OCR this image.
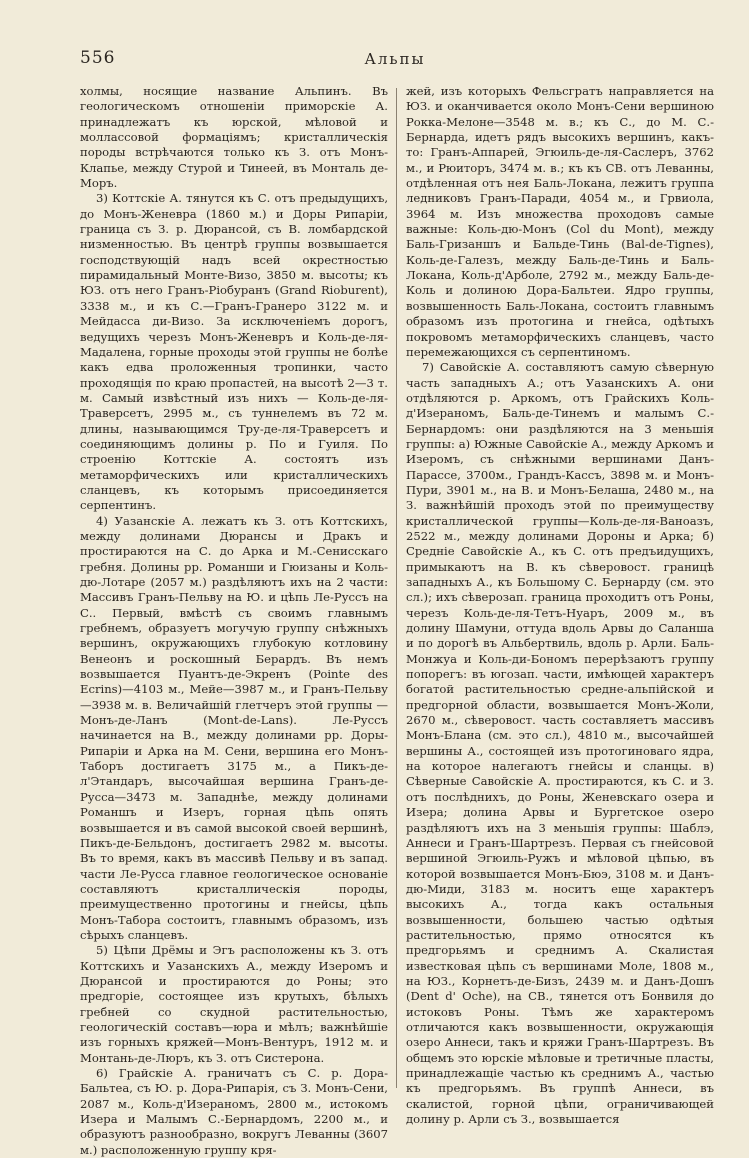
556	Альпы

холмы, носящие название Альпинъ. Въ геологическомъ отношеніи приморскіе А. принадлежатъ къ юрской, мѣловой и моллассовой формаціямъ; кристаллическія породы встрѣчаются только къ З. отъ Монъ-Клапье, между Стурой и Тинеей, въ Монталь де-Моръ.

3) Коттскіе А. тянутся къ С. отъ предыдущихъ, до Монъ-Женевра (1860 м.) и Доры Рипаріи, граница съ З. р. Дюрансой, съ В. ломбардской низменностью. Въ центрѣ группы возвышается господствующій надъ всей окрестностью пирамидальный Монте-Визо, 3850 м. высоты; къ ЮЗ. отъ него Гранъ-Ріобуранъ (Grand Rioburent), 3338 м., и къ С.—Гранъ-Гранеро 3122 м. и Мейдасса ди-Визо. За исключеніемъ дорогъ, ведущихъ черезъ Монъ-Женевръ и Коль-де-ля-Мадалена, горные проходы этой группы не болѣе какъ едва проложенныя тропинки, часто проходящія по краю пропастей, на высотѣ 2—3 т. м. Самый извѣстный изъ нихъ — Коль-де-ля-Траверсетъ, 2995 м., съ туннелемъ въ 72 м. длины, называющимся Тру-де-ля-Траверсетъ и соединяющимъ долины р. По и Гуиля. По строенію Коттскіе А. состоятъ изъ метаморфическихъ или кристаллическихъ сланцевъ, къ которымъ присоединяется серпентинъ.

4) Уазанскіе А. лежатъ къ З. отъ Коттскихъ, между долинами Дюрансы и Дракъ и простираются на С. до Арка и М.-Сенисскаго гребня. Долины рр. Романши и Гюизаны и Коль-дю-Лотаре (2057 м.) раздѣляютъ ихъ на 2 части: Массивъ Гранъ-Пельву на Ю. и цѣпь Ле-Руссъ на С.. Первый, вмѣстѣ съ своимъ главнымъ гребнемъ, образуетъ могучую группу снѣжныхъ вершинъ, окружающихъ глубокую котловину Венеонъ и роскошный Берардъ. Въ немъ возвышается Пуантъ-де-Экренъ (Pointe des Ecrins)—4103 м., Мейе—3987 м., и Гранъ-Пельву—3938 м. в. Величайшій глетчеръ этой группы — Монъ-де-Ланъ (Mont-de-Lans). Ле-Руссъ начинается на В., между долинами рр. Доры-Рипаріи и Арка на М. Сени, вершина его Монъ-Таборъ достигаетъ 3175 м., а Пикъ-де-л'Этандаръ, высочайшая вершина Гранъ-де-Русса—3473 м. Западнѣе, между долинами Романшъ и Изеръ, горная цѣпь опять возвышается и въ самой высокой своей вершинѣ, Пикъ-де-Бельдонъ, достигаетъ 2982 м. высоты. Въ то время, какъ въ массивѣ Пельву и въ запад. части Ле-Русса главное геологическое основаніе составляютъ кристаллическія породы, преимущественно протогины и гнейсы, цѣпь Монъ-Табора состоитъ, главнымъ образомъ, изъ сѣрыхъ сланцевъ.

5) Цѣпи Дрёмы и Эгъ расположены къ З. отъ Коттскихъ и Уазанскихъ А., между Изеромъ и Дюрансой и простираются до Роны; это предгоріе, состоящее изъ крутыхъ, бѣлыхъ гребней со скудной растительностью, геологическій составъ—юра и мѣлъ; важнѣйшіе изъ горныхъ кряжей—Монъ-Вентуръ, 1912 м. и Монтань-де-Люръ, къ З. отъ Систерона.

6) Грайскіе А. граничатъ съ С. р. Дора-Бальтеа, съ Ю. р. Дора-Рипарія, съ З. Монъ-Сени, 2087 м., Коль-д'Изераномъ, 2800 м., истокомъ Изера и Малымъ С.-Бернардомъ, 2200 м., и образуютъ разнообразно, вокругъ Леванны (3607 м.) расположенную группу кря-

жей, изъ которыхъ Фельсгратъ направляется на ЮЗ. и оканчивается около Монъ-Сени вершиною Рокка-Мелоне—3548 м. в.; къ С., до М. С.-Бернарда, идетъ рядъ высокихъ вершинъ, какъ-то: Гранъ-Аппарей, Эгюиль-де-ля-Саслеръ, 3762 м., и Рюиторъ, 3474 м. в.; къ къ СВ. отъ Леванны, отдѣленная отъ нея Баль-Локана, лежитъ группа ледниковъ Гранъ-Паради, 4054 м., и Грвиола, 3964 м. Изъ множества проходовъ самые важные: Коль-дю-Монъ (Col du Mont), между Баль-Гризаншъ и Бальде-Тинь (Bal-de-Tignes), Коль-де-Галезъ, между Баль-де-Тинь и Баль-Локана, Коль-д'Арболе, 2792 м., между Баль-де-Коль и долиною Дора-Бальтеи. Ядро группы, возвышенность Баль-Локана, состоитъ главнымъ образомъ изъ протогина и гнейса, одѣтыхъ покровомъ метаморфическихъ сланцевъ, часто перемежающихся съ серпентиномъ.

7) Савойскіе А. составляютъ самую сѣверную часть западныхъ А.; отъ Уазанскихъ А. они отдѣляются р. Аркомъ, отъ Грайскихъ Коль-д'Изераномъ, Баль-де-Тинемъ и малымъ С.-Бернардомъ: они раздѣляются на 3 меньшія группы: а) Южные Савойскіе А., между Аркомъ и Изеромъ, съ снѣжными вершинами Данъ-Парассе, 3700м., Грандъ-Кассъ, 3898 м. и Монъ-Пури, 3901 м., на В. и Монъ-Белаша, 2480 м., на З. важнѣйшій проходъ этой по преимуществу кристаллической группы—Коль-де-ля-Ваноазъ, 2522 м., между долинами Дороны и Арка; б) Средніе Савойскіе А., къ С. отъ предъидущихъ, примыкаютъ на В. къ сѣверовост. границѣ западныхъ А., къ Большому С. Бернарду (см. это сл.); ихъ сѣверозап. граница проходитъ отъ Роны, черезъ Коль-де-ля-Тетъ-Нуаръ, 2009 м., въ долину Шамуни, оттуда вдоль Арвы до Саланша и по дорогѣ въ Альбертвиль, вдоль р. Арли. Баль-Монжуа и Коль-ди-Бономъ перерѣзаютъ группу попорегъ: въ югозап. части, имѣющей характеръ богатой растительностью средне-альпійской и предгорной области, возвышается Монъ-Жоли, 2670 м., сѣверовост. часть составляетъ массивъ Монъ-Блана (см. это сл.), 4810 м., высочайшей вершины А., состоящей изъ протогиноваго ядра, на которое налегаютъ гнейсы и сланцы. в) Сѣверные Савойскіе А. простираются, къ С. и З. отъ послѣднихъ, до Роны, Женевскаго озера и Изера; долина Арвы и Бургетское озеро раздѣляютъ ихъ на 3 меньшія группы: Шаблэ, Аннеси и Гранъ-Шартрезъ. Первая съ гнейсовой вершиной Эгюиль-Ружъ и мѣловой цѣпью, въ которой возвышается Монъ-Бюэ, 3108 м. и Данъ-дю-Миди, 3183 м. носитъ еще характеръ высокихъ А., тогда какъ остальныя возвышенности, большею частью одѣтыя растительностью, прямо относятся къ предгорьямъ и среднимъ А. Скалистая известковая цѣпь съ вершинами Моле, 1808 м., на ЮЗ., Корнетъ-де-Бизъ, 2439 м. и Данъ-Дошъ (Dent d' Oche), на СВ., тянется отъ Бонвиля до истоковъ Роны. Тѣмъ же характеромъ отличаются какъ возвышенности, окружающія озеро Аннеси, такъ и кряжи Гранъ-Шартрезъ. Въ общемъ это юрскіе мѣловые и третичные пласты, принадлежащіе частью къ среднимъ А., частью къ предгорьямъ. Въ группѣ Аннеси, въ скалистой, горной цѣпи, ограничивающей долину р. Арли съ З., возвышается
